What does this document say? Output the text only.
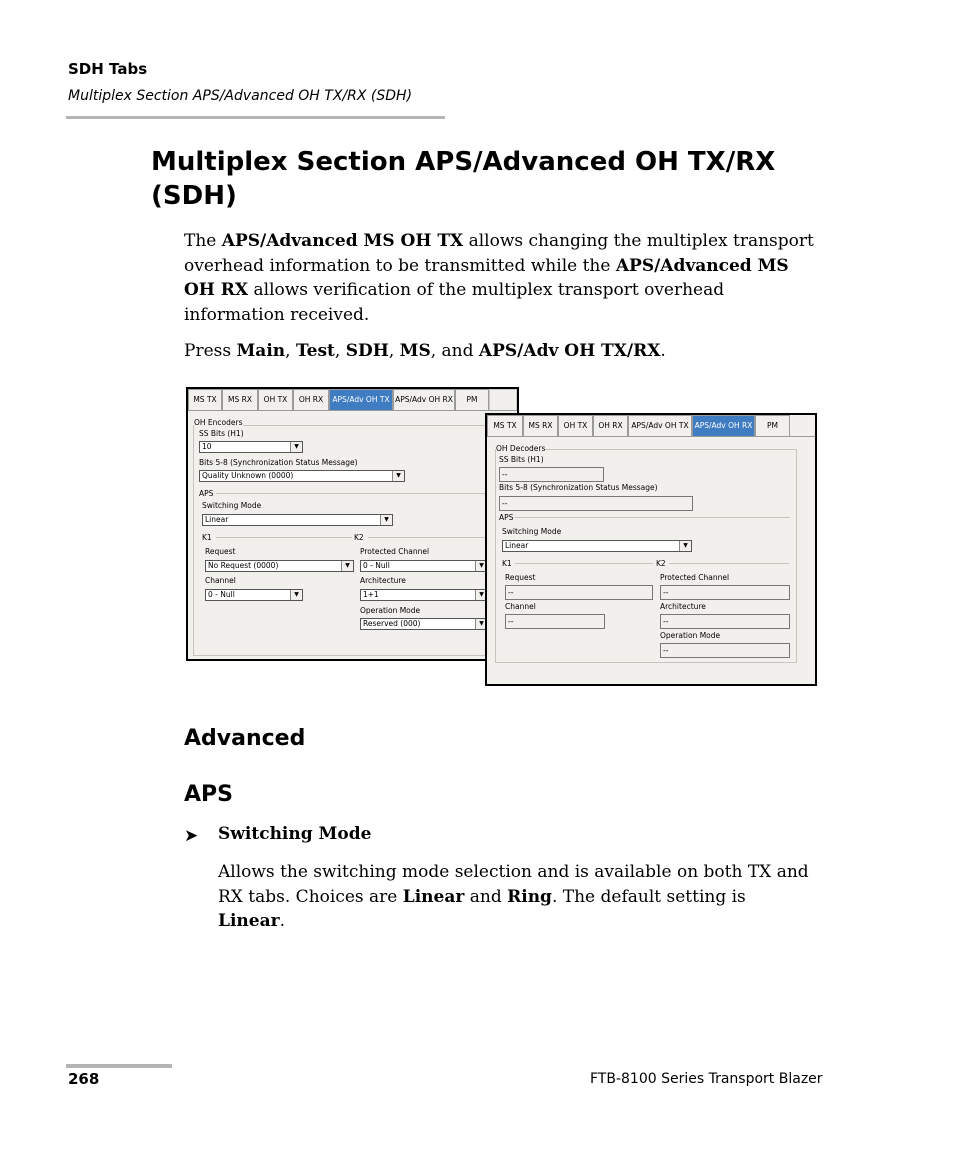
SDH Tabs
Multiplex Section APS/Advanced OH TX/RX (SDH)
Multiplex Section APS/Advanced OH TX/RX (SDH)
The APS/Advanced MS OH TX allows changing the multiplex transport overhead information to be transmitted while the APS/Advanced MS OH RX allows verification of the multiplex transport overhead information received.
Press Main, Test, SDH, MS, and APS/Adv OH TX/RX.
MS TX	MS RX	OH TX	OH RX	APS/Adv OH TX APS/Adv OH RX	PM
OH Encoders
SS Bits (H1)
10	▼
Bits 5-8 (Synchronization Status Message)
Quality Unknown (0000)	▼
APS
Switching Mode
Linear	▼
K1	K2
Request
No Request (0000)	▼
Channel
0 - Null	▼
Protected Channel
0 - Null	▼
Architecture
1+1	▼
Operation Mode
Reserved (000)	▼
MS TX	MS RX	OH TX	OH RX	APS/Adv OH TX APS/Adv OH RX	PM
OH Decoders
SS Bits (H1)
--
Bits 5-8 (Synchronization Status Message)
--
APS
Switching Mode
Linear	▼
K1	K2
Request
--
Channel
--
Protected Channel
--
Architecture
--
Operation Mode
--
Advanced
APS
➤ Switching Mode
Allows the switching mode selection and is available on both TX and RX tabs. Choices are Linear and Ring. The default setting is Linear.
268	FTB-8100 Series Transport Blazer
